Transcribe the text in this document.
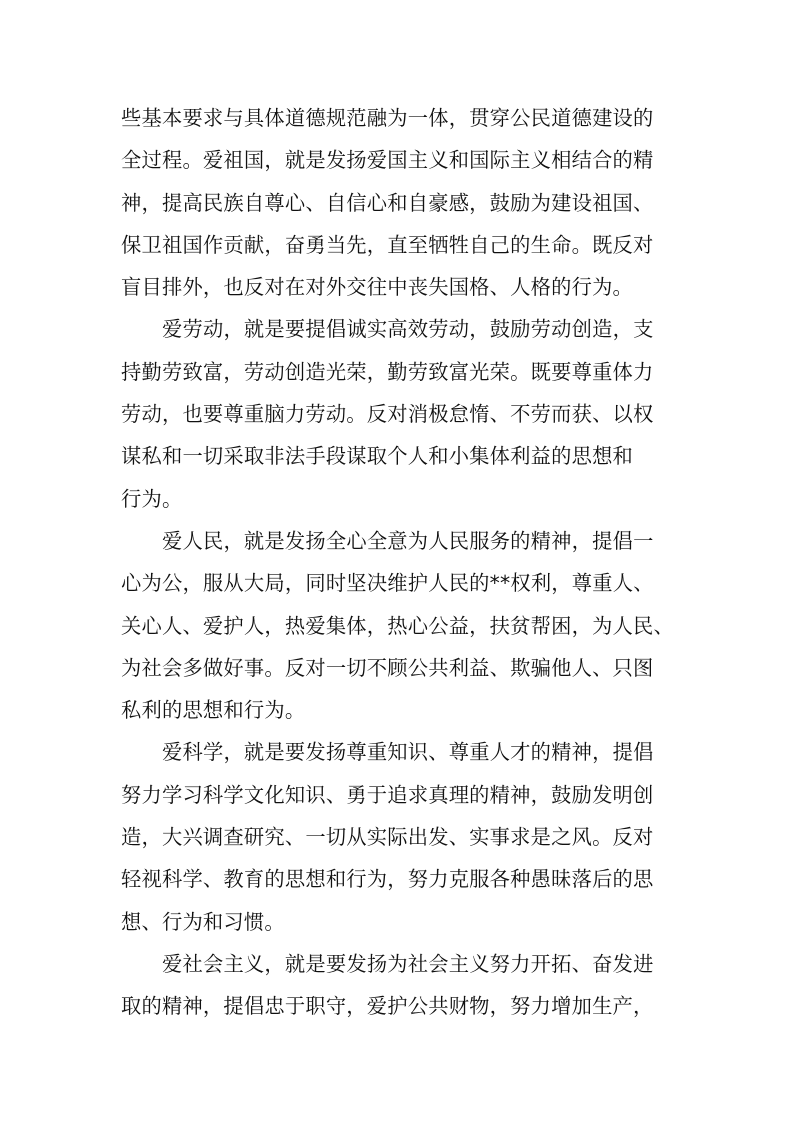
些基本要求与具体道德规范融为一体，贯穿公民道德建设的
全过程。爱祖国，就是发扬爱国主义和国际主义相结合的精
神，提高民族自尊心、自信心和自豪感，鼓励为建设祖国、
保卫祖国作贡献，奋勇当先，直至牺牲自己的生命。既反对
盲目排外，也反对在对外交往中丧失国格、人格的行为。
爱劳动，就是要提倡诚实高效劳动，鼓励劳动创造，支
持勤劳致富，劳动创造光荣，勤劳致富光荣。既要尊重体力
劳动，也要尊重脑力劳动。反对消极怠惰、不劳而获、以权
谋私和一切采取非法手段谋取个人和小集体利益的思想和
行为。
爱人民，就是发扬全心全意为人民服务的精神，提倡一
心为公，服从大局，同时坚决维护人民的**权利，尊重人、
关心人、爱护人，热爱集体，热心公益，扶贫帮困，为人民、
为社会多做好事。反对一切不顾公共利益、欺骗他人、只图
私利的思想和行为。
爱科学，就是要发扬尊重知识、尊重人才的精神，提倡
努力学习科学文化知识、勇于追求真理的精神，鼓励发明创
造，大兴调查研究、一切从实际出发、实事求是之风。反对
轻视科学、教育的思想和行为，努力克服各种愚昧落后的思
想、行为和习惯。
爱社会主义，就是要发扬为社会主义努力开拓、奋发进
取的精神，提倡忠于职守，爱护公共财物，努力增加生产，
